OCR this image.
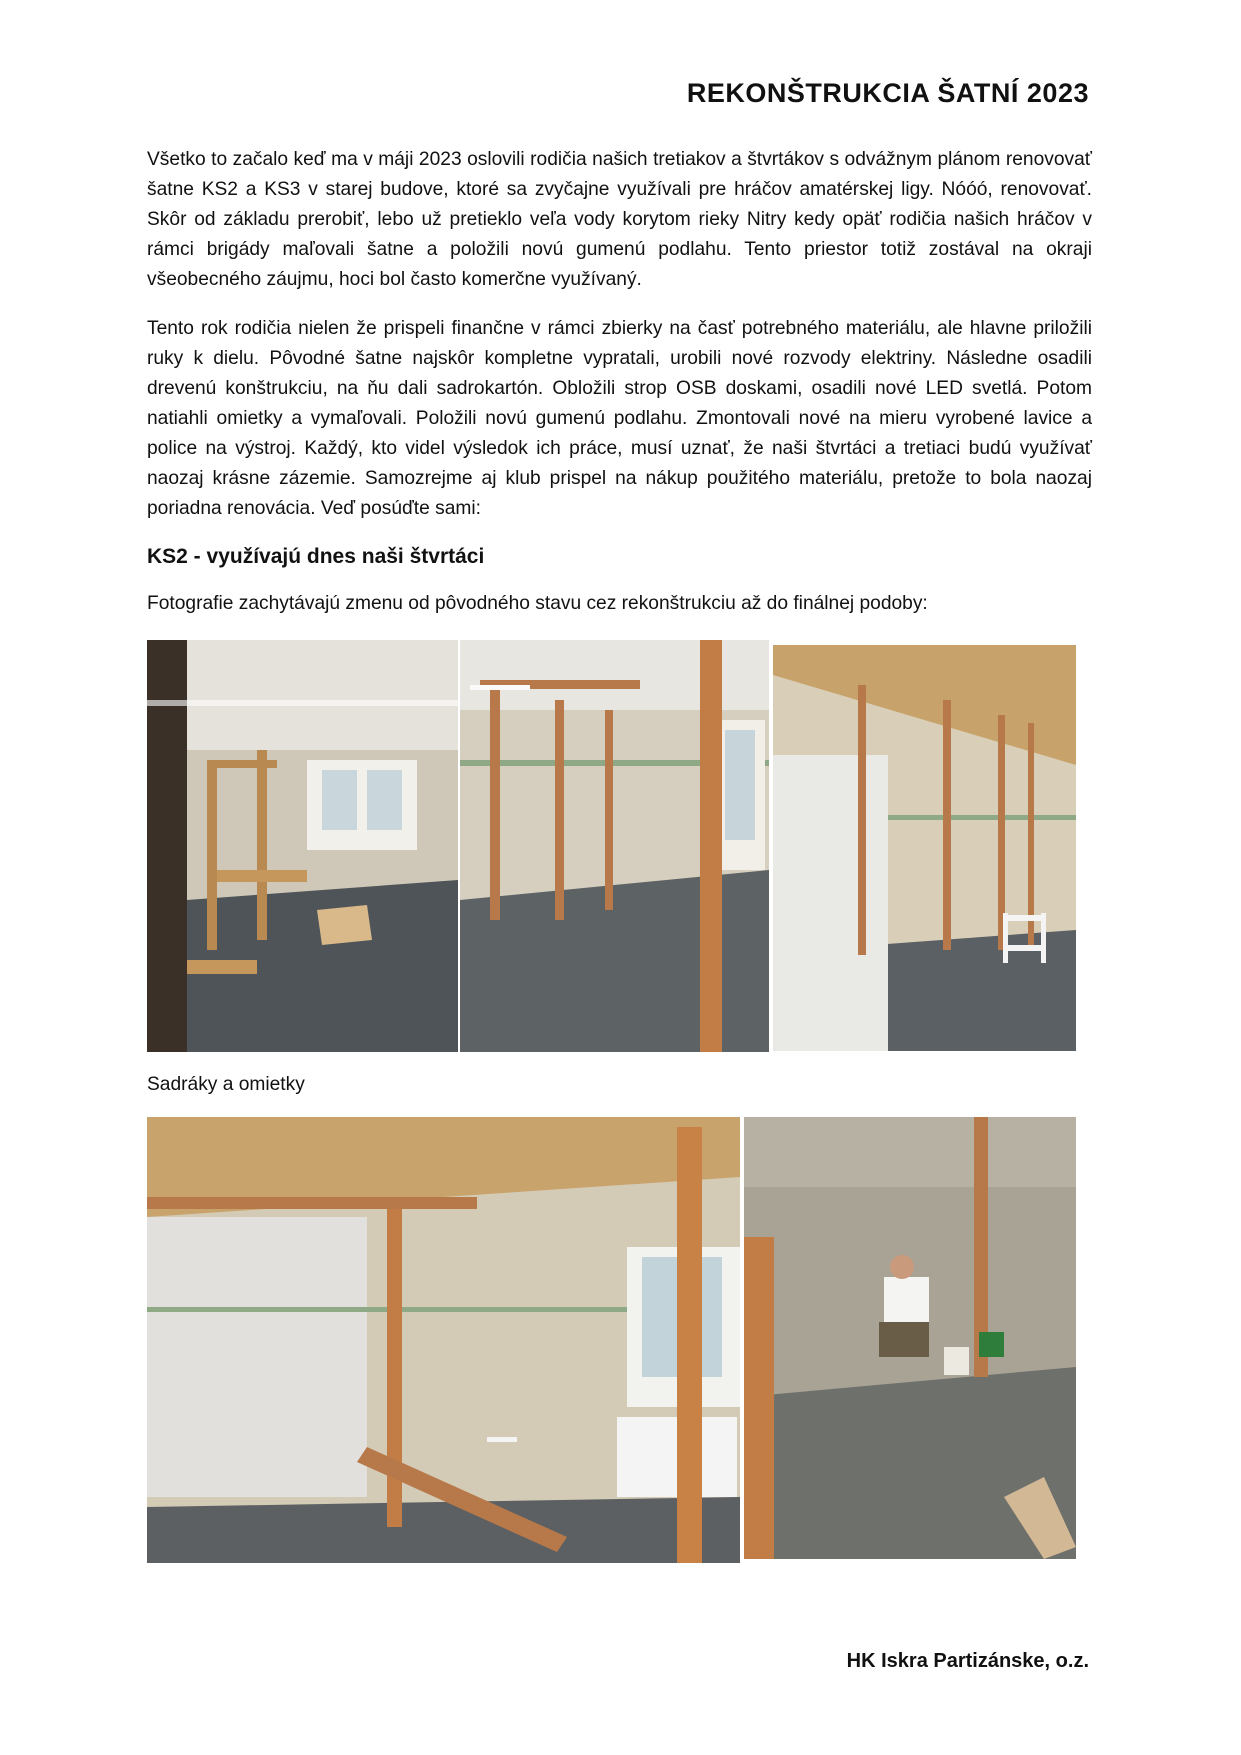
REKONŠTRUKCIA ŠATNÍ 2023

Všetko to začalo keď ma v máji 2023 oslovili rodičia našich tretiakov a štvrtákov s odvážnym plánom renovovať šatne KS2 a KS3 v starej budove, ktoré sa zvyčajne využívali pre hráčov amatérskej ligy. Nóóó, renovovať. Skôr od základu prerobiť, lebo už pretieklo veľa vody korytom rieky Nitry kedy opäť rodičia našich hráčov v rámci brigády maľovali šatne a položili novú gumenú podlahu. Tento priestor totiž zostával na okraji všeobecného záujmu, hoci bol často komerčne využívaný.

Tento rok rodičia nielen že prispeli finančne v rámci zbierky na časť potrebného materiálu, ale hlavne priložili ruky k dielu. Pôvodné šatne najskôr kompletne vypratali, urobili nové rozvody elektriny. Následne osadili drevenú konštrukciu, na ňu dali sadrokartón. Obložili strop OSB doskami, osadili nové LED svetlá. Potom natiahli omietky a vymaľovali. Položili novú gumenú podlahu. Zmontovali nové na mieru vyrobené lavice a police na výstroj. Každý, kto videl výsledok ich práce, musí uznať, že naši štvrtáci a tretiaci budú využívať naozaj krásne zázemie. Samozrejme aj klub prispel na nákup použitého materiálu, pretože to bola naozaj poriadna renovácia. Veď posúďte sami:

KS2 - využívajú dnes naši štvrtáci

Fotografie zachytávajú zmenu od pôvodného stavu cez rekonštrukciu až do finálnej podoby:

Sadráky a omietky

HK Iskra Partizánske, o.z.
